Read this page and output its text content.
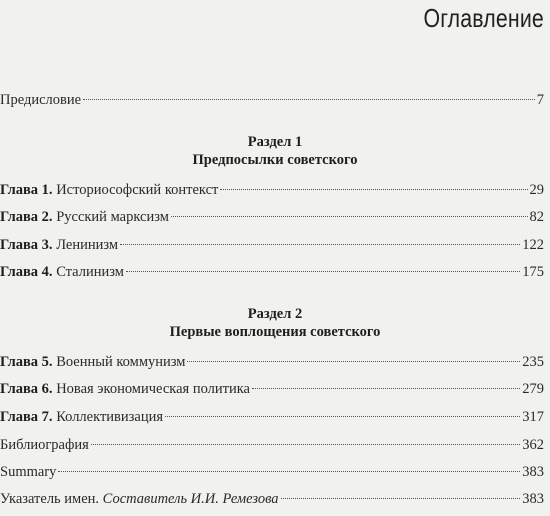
Оглавление
Предисловие	7
Раздел 1
Предпосылки советского
Глава 1. Историософский контекст	29
Глава 2. Русский марксизм	82
Глава 3. Ленинизм	122
Глава 4. Сталинизм	175
Раздел 2
Первые воплощения советского
Глава 5. Военный коммунизм	235
Глава 6. Новая экономическая политика	279
Глава 7. Коллективизация	317
Библиография	362
Summary	383
Указатель имен. Составитель И.И. Ремезова	383
